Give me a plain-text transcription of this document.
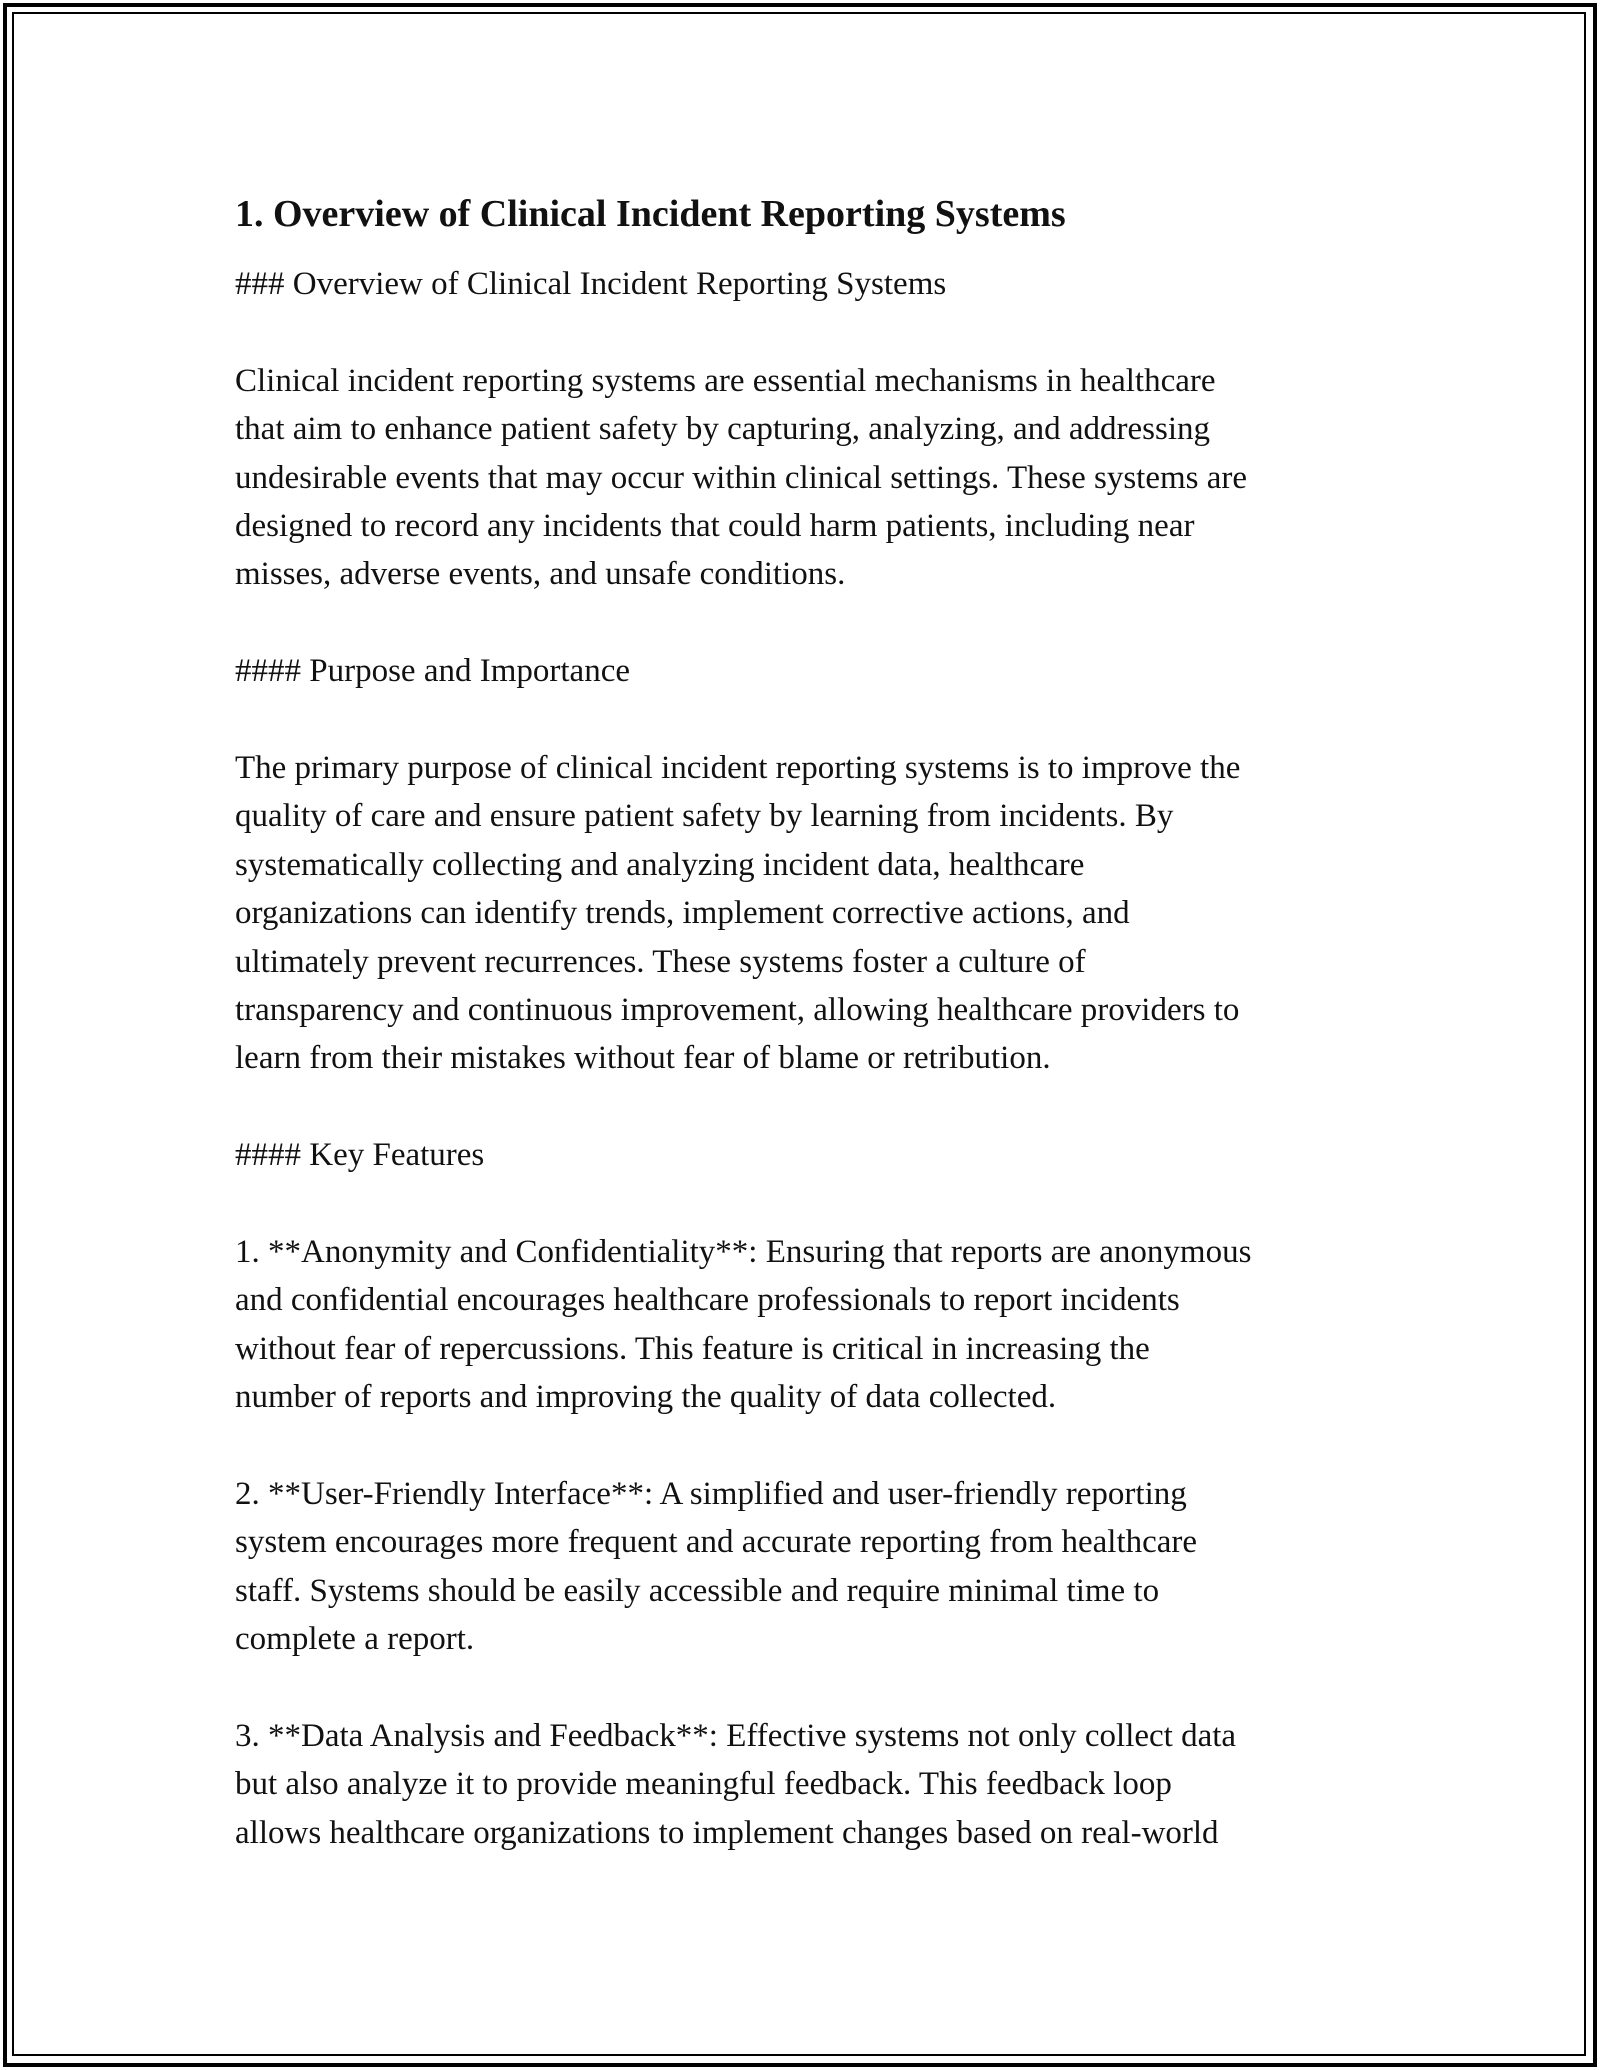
1. Overview of Clinical Incident Reporting Systems

### Overview of Clinical Incident Reporting Systems

Clinical incident reporting systems are essential mechanisms in healthcare
that aim to enhance patient safety by capturing, analyzing, and addressing
undesirable events that may occur within clinical settings. These systems are
designed to record any incidents that could harm patients, including near
misses, adverse events, and unsafe conditions.

#### Purpose and Importance

The primary purpose of clinical incident reporting systems is to improve the
quality of care and ensure patient safety by learning from incidents. By
systematically collecting and analyzing incident data, healthcare
organizations can identify trends, implement corrective actions, and
ultimately prevent recurrences. These systems foster a culture of
transparency and continuous improvement, allowing healthcare providers to
learn from their mistakes without fear of blame or retribution.

#### Key Features

1. **Anonymity and Confidentiality**: Ensuring that reports are anonymous
and confidential encourages healthcare professionals to report incidents
without fear of repercussions. This feature is critical in increasing the
number of reports and improving the quality of data collected.

2. **User-Friendly Interface**: A simplified and user-friendly reporting
system encourages more frequent and accurate reporting from healthcare
staff. Systems should be easily accessible and require minimal time to
complete a report.

3. **Data Analysis and Feedback**: Effective systems not only collect data
but also analyze it to provide meaningful feedback. This feedback loop
allows healthcare organizations to implement changes based on real-world
